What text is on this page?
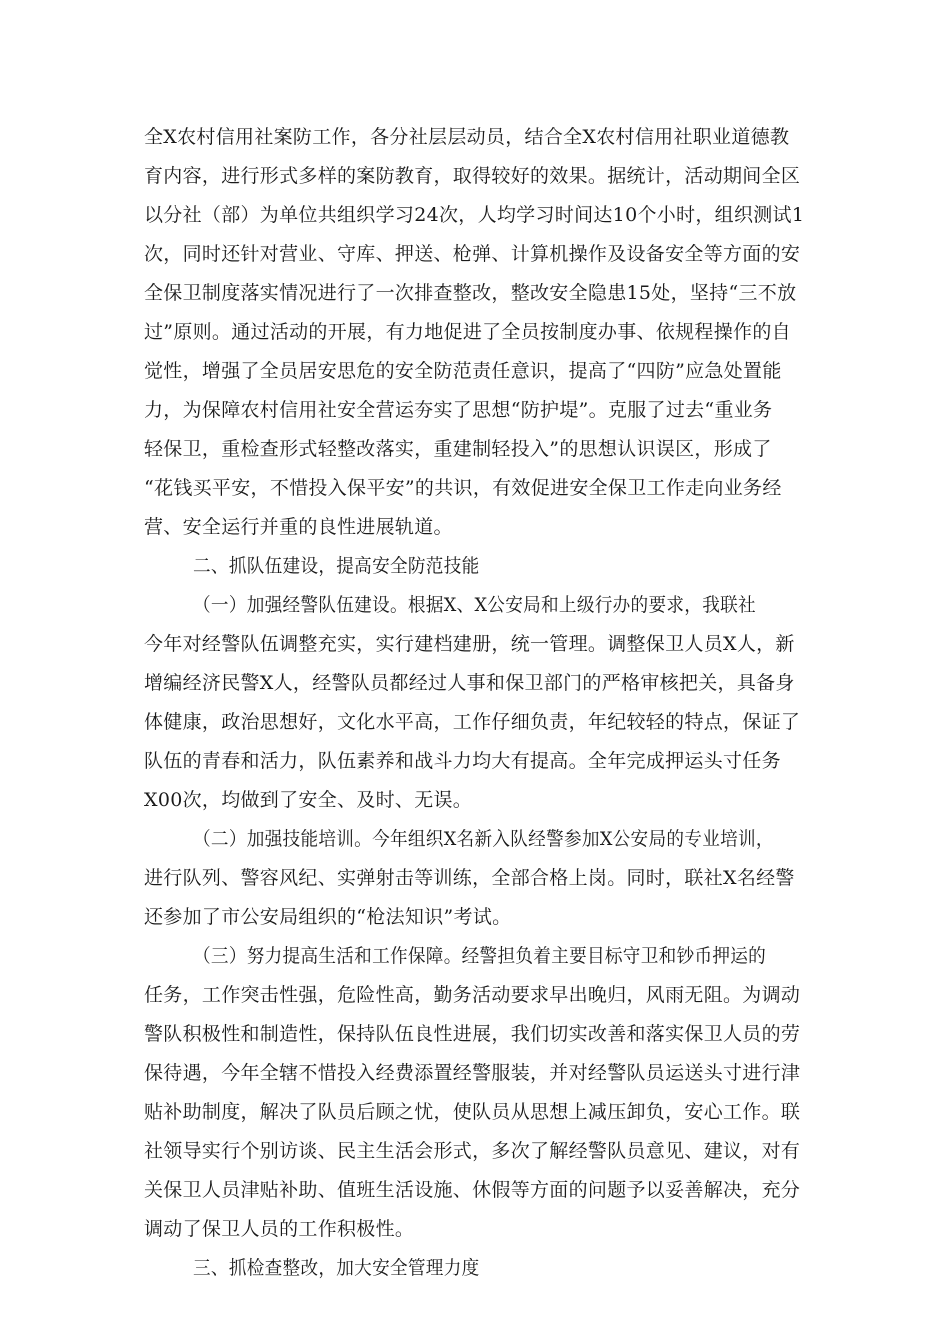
全X农村信用社案防工作，各分社层层动员，结合全X农村信用社职业道德教
育内容，进行形式多样的案防教育，取得较好的效果。据统计，活动期间全区
以分社（部）为单位共组织学习24次，人均学习时间达10个小时，组织测试1
次，同时还针对营业、守库、押送、枪弹、计算机操作及设备安全等方面的安
全保卫制度落实情况进行了一次排查整改，整改安全隐患15处，坚持“三不放
过”原则。通过活动的开展，有力地促进了全员按制度办事、依规程操作的自
觉性，增强了全员居安思危的安全防范责任意识，提高了“四防”应急处置能
力，为保障农村信用社安全营运夯实了思想“防护堤”。克服了过去“重业务
轻保卫，重检查形式轻整改落实，重建制轻投入”的思想认识误区，形成了
“花钱买平安，不惜投入保平安”的共识，有效促进安全保卫工作走向业务经
营、安全运行并重的良性进展轨道。
二、抓队伍建设，提高安全防范技能
（一）加强经警队伍建设。根据X、X公安局和上级行办的要求，我联社
今年对经警队伍调整充实，实行建档建册，统一管理。调整保卫人员X人，新
增编经济民警X人，经警队员都经过人事和保卫部门的严格审核把关，具备身
体健康，政治思想好，文化水平高，工作仔细负责，年纪较轻的特点，保证了
队伍的青春和活力，队伍素养和战斗力均大有提高。全年完成押运头寸任务
X00次，均做到了安全、及时、无误。
（二）加强技能培训。今年组织X名新入队经警参加X公安局的专业培训，
进行队列、警容风纪、实弹射击等训练，全部合格上岗。同时，联社X名经警
还参加了市公安局组织的“枪法知识”考试。
（三）努力提高生活和工作保障。经警担负着主要目标守卫和钞币押运的
任务，工作突击性强，危险性高，勤务活动要求早出晚归，风雨无阻。为调动
警队积极性和制造性，保持队伍良性进展，我们切实改善和落实保卫人员的劳
保待遇，今年全辖不惜投入经费添置经警服装，并对经警队员运送头寸进行津
贴补助制度，解决了队员后顾之忧，使队员从思想上减压卸负，安心工作。联
社领导实行个别访谈、民主生活会形式，多次了解经警队员意见、建议，对有
关保卫人员津贴补助、值班生活设施、休假等方面的问题予以妥善解决，充分
调动了保卫人员的工作积极性。
三、抓检查整改，加大安全管理力度
